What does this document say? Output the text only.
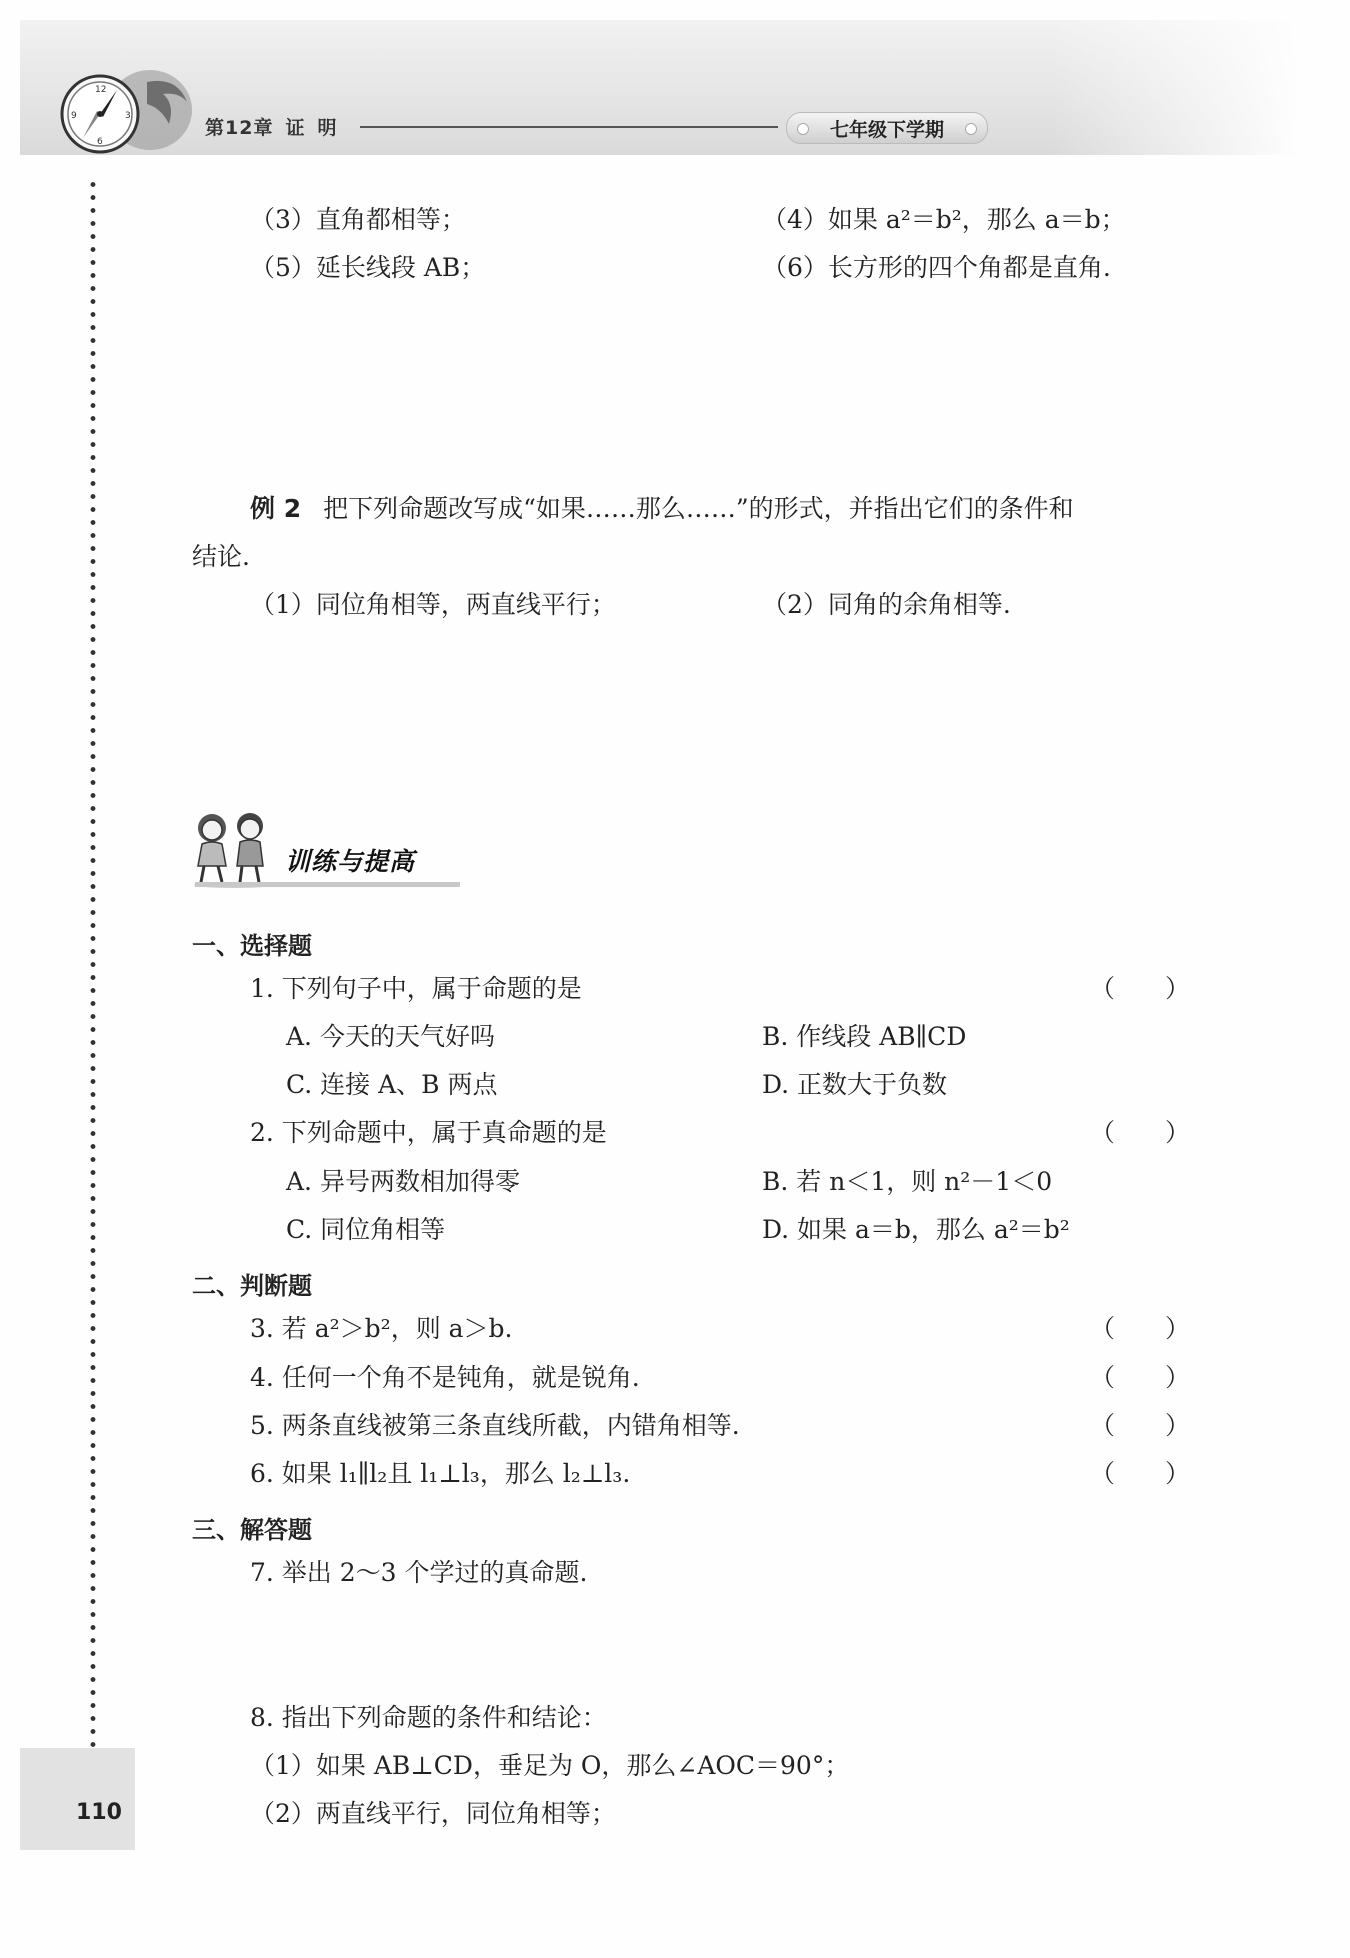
12
3
6
9
第12章 证 明	七年级下学期
110
（3）直角都相等；	（4）如果 a²＝b²，那么 a＝b；
（5）延长线段 AB；	（6）长方形的四个角都是直角.
例 2 把下列命题改写成“如果……那么……”的形式，并指出它们的条件和
结论.
（1）同位角相等，两直线平行；	（2）同角的余角相等.
训练与提高
一、选择题
1. 下列句子中，属于命题的是	（　　）
A. 今天的天气好吗	B. 作线段 AB∥CD
C. 连接 A、B 两点	D. 正数大于负数
2. 下列命题中，属于真命题的是	（　　）
A. 异号两数相加得零	B. 若 n＜1，则 n²－1＜0
C. 同位角相等	D. 如果 a＝b，那么 a²＝b²
二、判断题
3. 若 a²＞b²，则 a＞b.	（　　）
4. 任何一个角不是钝角，就是锐角.	（　　）
5. 两条直线被第三条直线所截，内错角相等.	（　　）
6. 如果 l₁∥l₂且 l₁⊥l₃，那么 l₂⊥l₃.	（　　）
三、解答题
7. 举出 2～3 个学过的真命题.
8. 指出下列命题的条件和结论：
（1）如果 AB⊥CD，垂足为 O，那么∠AOC＝90°；
（2）两直线平行，同位角相等；
